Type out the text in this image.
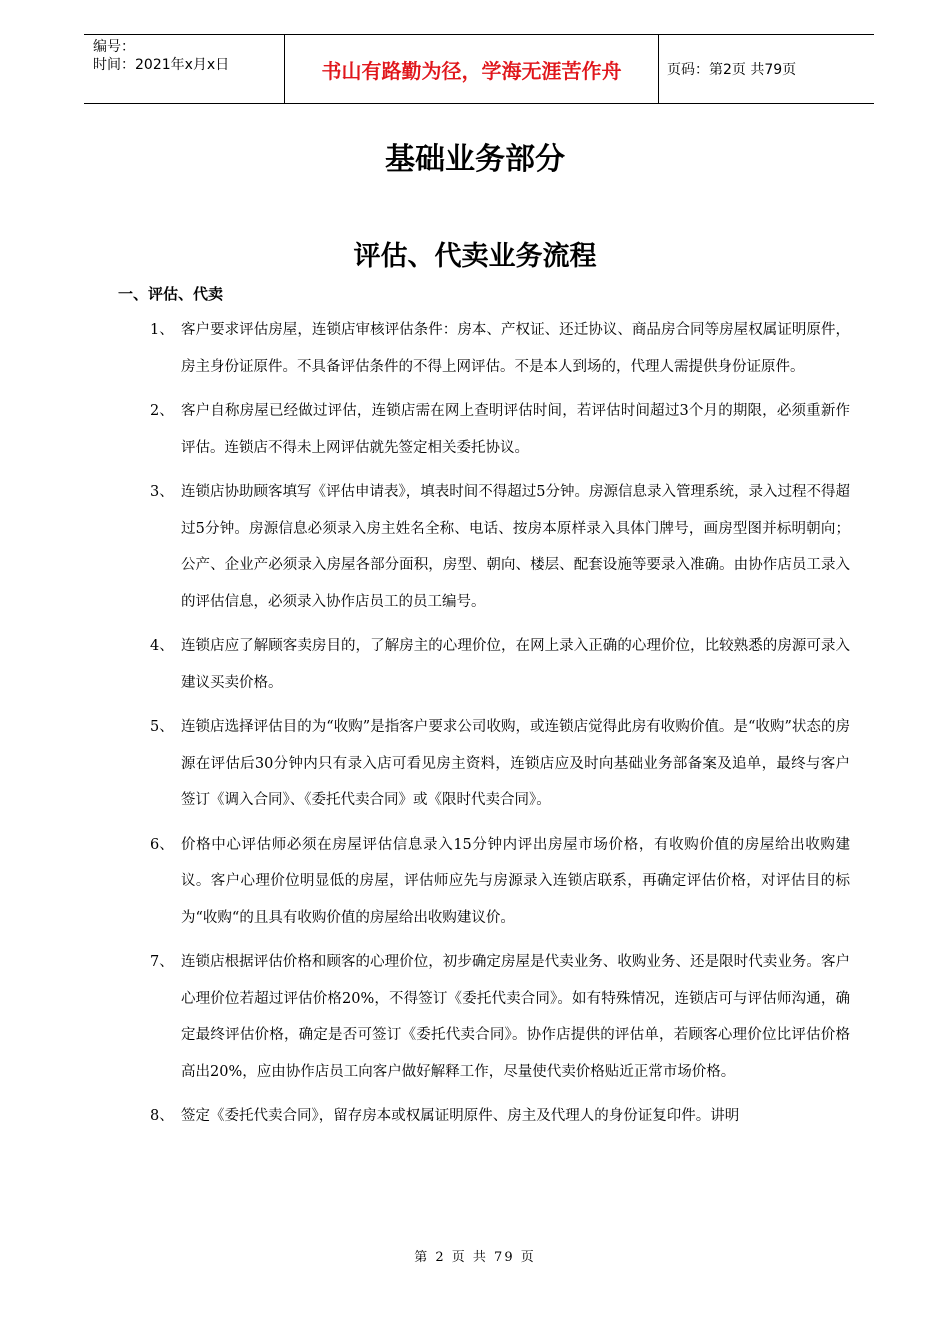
编号：
时间：2021年x月x日	书山有路勤为径，学海无涯苦作舟	页码：第2页 共79页
基础业务部分
评估、代卖业务流程
一、评估、代卖
1、 客户要求评估房屋，连锁店审核评估条件：房本、产权证、还迁协议、商品房合同等房屋权属证明原件，房主身份证原件。不具备评估条件的不得上网评估。不是本人到场的，代理人需提供身份证原件。
2、 客户自称房屋已经做过评估，连锁店需在网上查明评估时间，若评估时间超过3个月的期限，必须重新作评估。连锁店不得未上网评估就先签定相关委托协议。
3、 连锁店协助顾客填写《评估申请表》，填表时间不得超过5分钟。房源信息录入管理系统，录入过程不得超过5分钟。房源信息必须录入房主姓名全称、电话、按房本原样录入具体门牌号，画房型图并标明朝向；公产、企业产必须录入房屋各部分面积，房型、朝向、楼层、配套设施等要录入准确。由协作店员工录入的评估信息，必须录入协作店员工的员工编号。
4、 连锁店应了解顾客卖房目的，了解房主的心理价位，在网上录入正确的心理价位，比较熟悉的房源可录入建议买卖价格。
5、 连锁店选择评估目的为“收购”是指客户要求公司收购，或连锁店觉得此房有收购价值。是“收购”状态的房源在评估后30分钟内只有录入店可看见房主资料，连锁店应及时向基础业务部备案及追单，最终与客户签订《调入合同》、《委托代卖合同》或《限时代卖合同》。
6、 价格中心评估师必须在房屋评估信息录入15分钟内评出房屋市场价格，有收购价值的房屋给出收购建议。客户心理价位明显低的房屋，评估师应先与房源录入连锁店联系，再确定评估价格，对评估目的标为“收购“的且具有收购价值的房屋给出收购建议价。
7、 连锁店根据评估价格和顾客的心理价位，初步确定房屋是代卖业务、收购业务、还是限时代卖业务。客户心理价位若超过评估价格20%，不得签订《委托代卖合同》。如有特殊情况，连锁店可与评估师沟通，确定最终评估价格，确定是否可签订《委托代卖合同》。协作店提供的评估单，若顾客心理价位比评估价格高出20%，应由协作店员工向客户做好解释工作，尽量使代卖价格贴近正常市场价格。
8、 签定《委托代卖合同》，留存房本或权属证明原件、房主及代理人的身份证复印件。讲明
第 2 页 共 79 页
